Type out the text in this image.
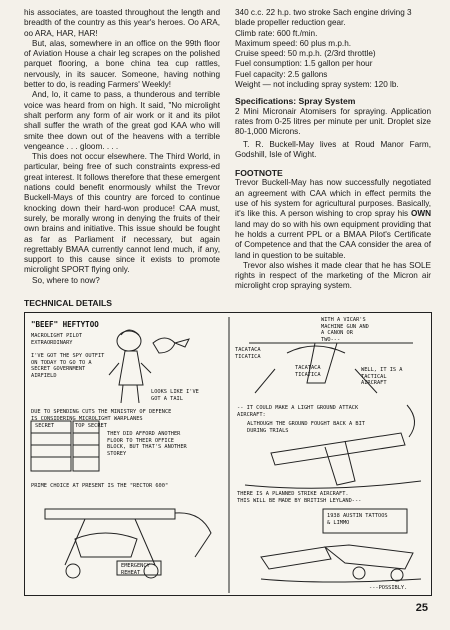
his associates, are toasted throughout the length and breadth of the country as this year's heroes. Oo ARA, oo ARA, HAR, HAR!

But, alas, somewhere in an office on the 99th floor of Aviation House a chair leg scrapes on the polished parquet flooring, a bone china tea cup rattles, nervously, in its saucer. Someone, having nothing better to do, is reading Farmers' Weekly!

And, lo, it came to pass, a thunderous and terrible voice was heard from on high. It said, "No microlight shalt perform any form of air work or it and its pilot shall suffer the wrath of the great god KAA who will smite thee down out of the heavens with a terrible vengeance . . . gloom. . . .

This does not occur elsewhere. The Third World, in particular, being free of such constraints express-ed great interest. It follows therefore that these emergent nations could benefit enormously whilst the Trevor Buckell-Mays of this country are forced to continue knocking down their hard-won produce! CAA must, surely, be morally wrong in denying the fruits of their own brains and initiative. This issue should be fought as far as Parliament if necessary, but again regrettably BMAA currently cannot lend much, if any, support to this cause since it exists to promote microlight SPORT flying only.

So, where to now?

TECHNICAL DETAILS

340 c.c. 22 h.p. two stroke Sach engine driving 3 blade propeller reduction gear.

Climb rate: 600 ft./min.

Maximum speed: 60 plus m.p.h.

Cruise speed: 50 m.p.h. (2/3rd throttle)

Fuel consumption: 1.5 gallon per hour

Fuel capacity: 2.5 gallons

Weight — not including spray system: 120 lb.

Specifications: Spray System

2 Mini Micronair Atomisers for spraying. Application rates from 0-25 litres per minute per unit. Droplet size 80-1,000 Microns.

T. R. Buckell-May lives at Roud Manor Farm, Godshill, Isle of Wight.

FOOTNOTE

Trevor Buckell-May has now successfully negotiated an agreement with CAA which in effect permits the use of his system for agricultural purposes. Basically, it's like this. A person wishing to crop spray his OWN land may do so with his own equipment providing that he holds a current PPL or a BMAA Pilot's Certificate of Competence and that the CAA consider the area of land in question to be suitable.

Trevor also wishes it made clear that he has SOLE rights in respect of the marketing of the Micron air microlight crop spraying system.

"BEEF" HEFTYTOO
MACROLIGHT PILOT
EXTRAORDINARY
I'VE GOT THE SPY OUTFIT
ON TODAY TO GO TO A
SECRET GOVERNMENT
AIRFIELD
LOOKS LIKE I'VE
GOT A TAIL
DUE TO SPENDING CUTS THE MINISTRY OF DEFENCE
IS CONSIDERING MICROLIGHT WARPLANES
SECRET	TOP SECRET
THEY DID AFFORD ANOTHER
FLOOR TO THEIR OFFICE
BLOCK, BUT THAT'S ANOTHER
STOREY
PRIME CHOICE AT PRESENT IS THE "RECTOR 600"
EMERGENCY
REHEAT
WITH A VICAR'S
MACHINE GUN AND
A CANON OR
TWO---
TACATACA
TICATICA
TACATACA
TICATICA
WELL, IT IS A
TACTICAL
AIRCRAFT
-- IT COULD MAKE A LIGHT GROUND ATTACK
AIRCRAFT:
ALTHOUGH THE GROUND FOUGHT BACK A BIT
DURING TRIALS
THERE IS A PLANNED STRIKE AIRCRAFT.
THIS WILL BE MADE BY BRITISH LEYLAND---
1938 AUSTIN TATTOOS
& LIMMO
---POSSIBLY.
25
